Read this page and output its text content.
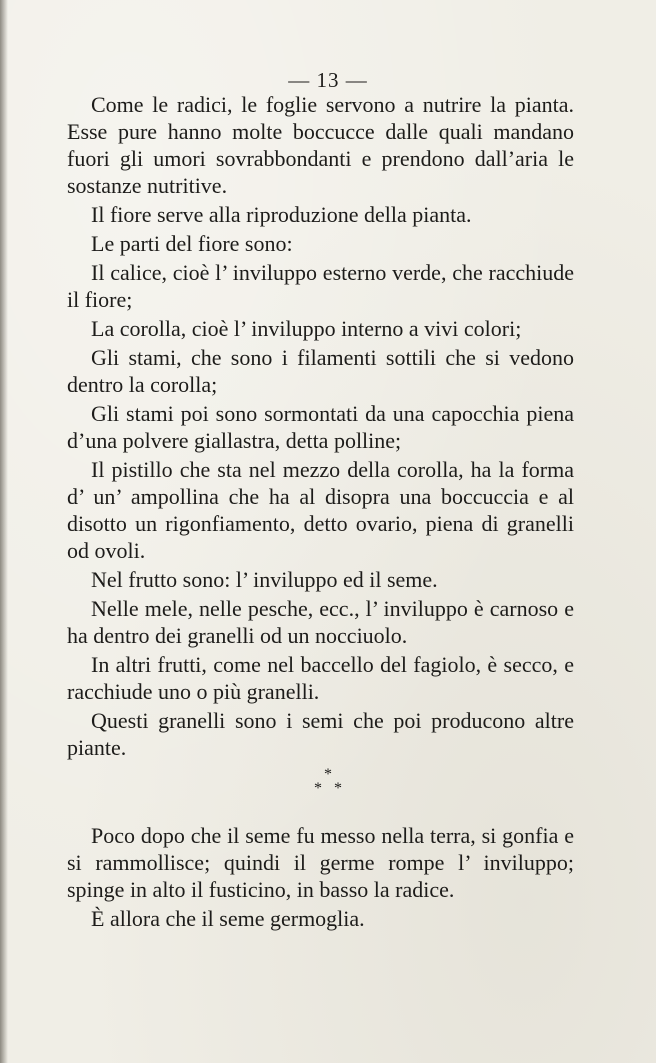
— 13 —

Come le radici, le foglie servono a nutrire la pianta. Esse pure hanno molte boccucce dalle quali mandano fuori gli umori sovrabbondanti e prendono dall’aria le sostanze nutritive.

Il fiore serve alla riproduzione della pianta.

Le parti del fiore sono:

Il calice, cioè l’ inviluppo esterno verde, che racchiude il fiore;

La corolla, cioè l’ inviluppo interno a vivi colori;

Gli stami, che sono i filamenti sottili che si vedono dentro la corolla;

Gli stami poi sono sormontati da una capocchia piena d’una polvere giallastra, detta polline;

Il pistillo che sta nel mezzo della corolla, ha la forma d’ un’ ampollina che ha al disopra una boccuccia e al disotto un rigonfiamento, detto ovario, piena di granelli od ovoli.

Nel frutto sono: l’ inviluppo ed il seme.

Nelle mele, nelle pesche, ecc., l’ inviluppo è carnoso e ha dentro dei granelli od un nocciuolo.

In altri frutti, come nel baccello del fagiolo, è secco, e racchiude uno o più granelli.

Questi granelli sono i semi che poi producono altre piante.

*
*   *

Poco dopo che il seme fu messo nella terra, si gonfia e si rammollisce; quindi il germe rompe l’ inviluppo; spinge in alto il fusticino, in basso la radice.

È allora che il seme germoglia.
